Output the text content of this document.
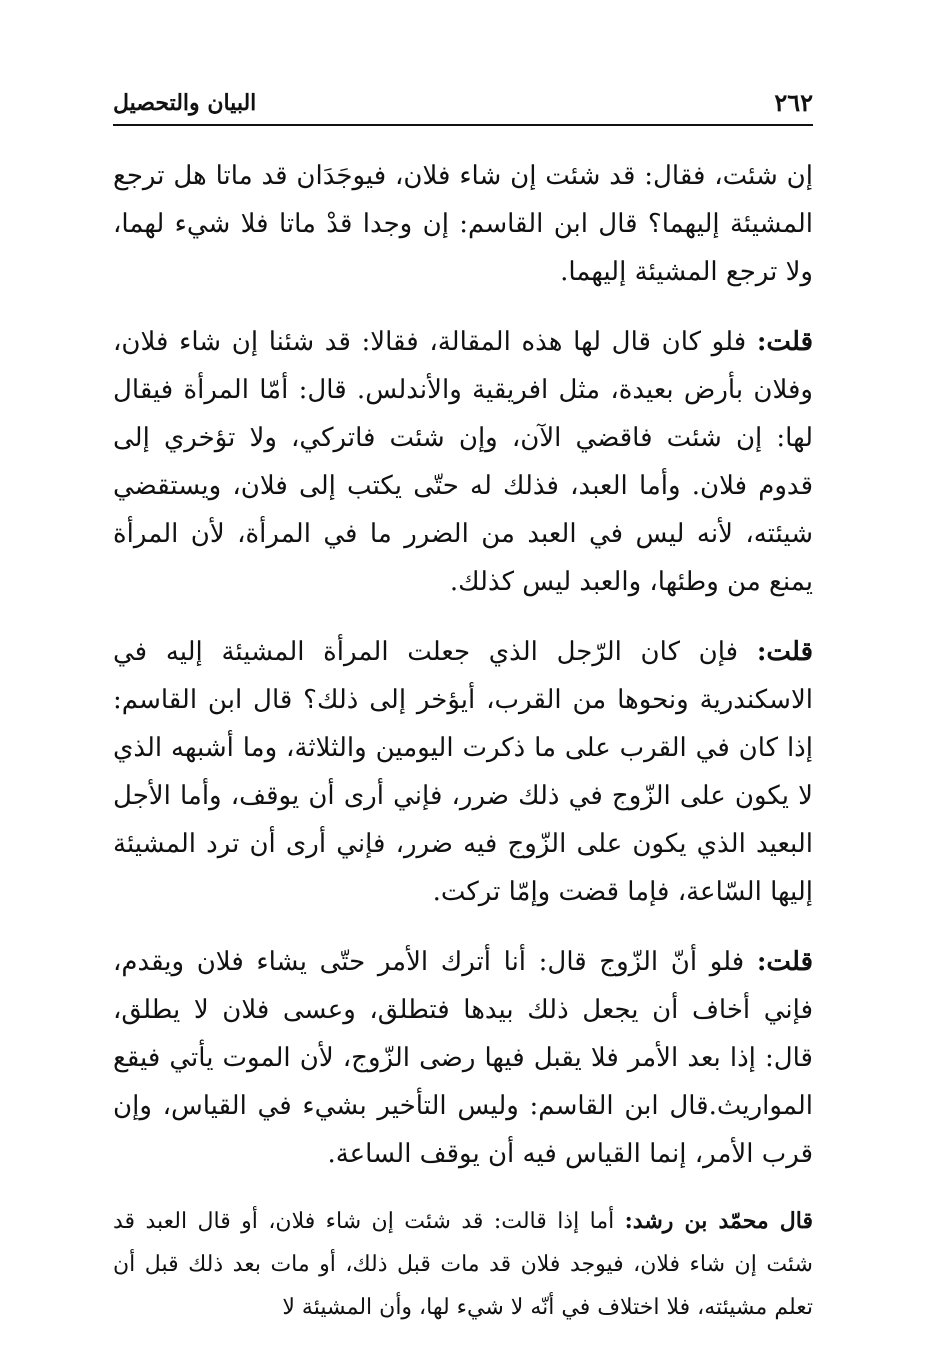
٢٦٢
البيان والتحصيل

إن شئت، فقال: قد شئت إن شاء فلان، فيوجَدَان قد ماتا هل ترجع المشيئة إليهما؟ قال ابن القاسم: إن وجدا قدْ ماتا فلا شيء لهما، ولا ترجع المشيئة إليهما.

قلت: فلو كان قال لها هذه المقالة، فقالا: قد شئنا إن شاء فلان، وفلان بأرض بعيدة، مثل افريقية والأندلس. قال: أمّا المرأة فيقال لها: إن شئت فاقضي الآن، وإن شئت فاتركي، ولا تؤخري إلى قدوم فلان. وأما العبد، فذلك له حتّى يكتب إلى فلان، ويستقضي شيئته، لأنه ليس في العبد من الضرر ما في المرأة، لأن المرأة يمنع من وطئها، والعبد ليس كذلك.

قلت: فإن كان الرّجل الذي جعلت المرأة المشيئة إليه في الاسكندرية ونحوها من القرب، أيؤخر إلى ذلك؟ قال ابن القاسم: إذا كان في القرب على ما ذكرت اليومين والثلاثة، وما أشبهه الذي لا يكون على الزّوج في ذلك ضرر، فإني أرى أن يوقف، وأما الأجل البعيد الذي يكون على الزّوج فيه ضرر، فإني أرى أن ترد المشيئة إليها السّاعة، فإما قضت وإمّا تركت.

قلت: فلو أنّ الزّوج قال: أنا أترك الأمر حتّى يشاء فلان ويقدم، فإني أخاف أن يجعل ذلك بيدها فتطلق، وعسى فلان لا يطلق، قال: إذا بعد الأمر فلا يقبل فيها رضى الزّوج، لأن الموت يأتي فيقع المواريث.قال ابن القاسم: وليس التأخير بشيء في القياس، وإن قرب الأمر، إنما القياس فيه أن يوقف الساعة.

قال محمّد بن رشد: أما إذا قالت: قد شئت إن شاء فلان، أو قال العبد قد شئت إن شاء فلان، فيوجد فلان قد مات قبل ذلك، أو مات بعد ذلك قبل أن تعلم مشيئته، فلا اختلاف في أنّه لا شيء لها، وأن المشيئة لا
